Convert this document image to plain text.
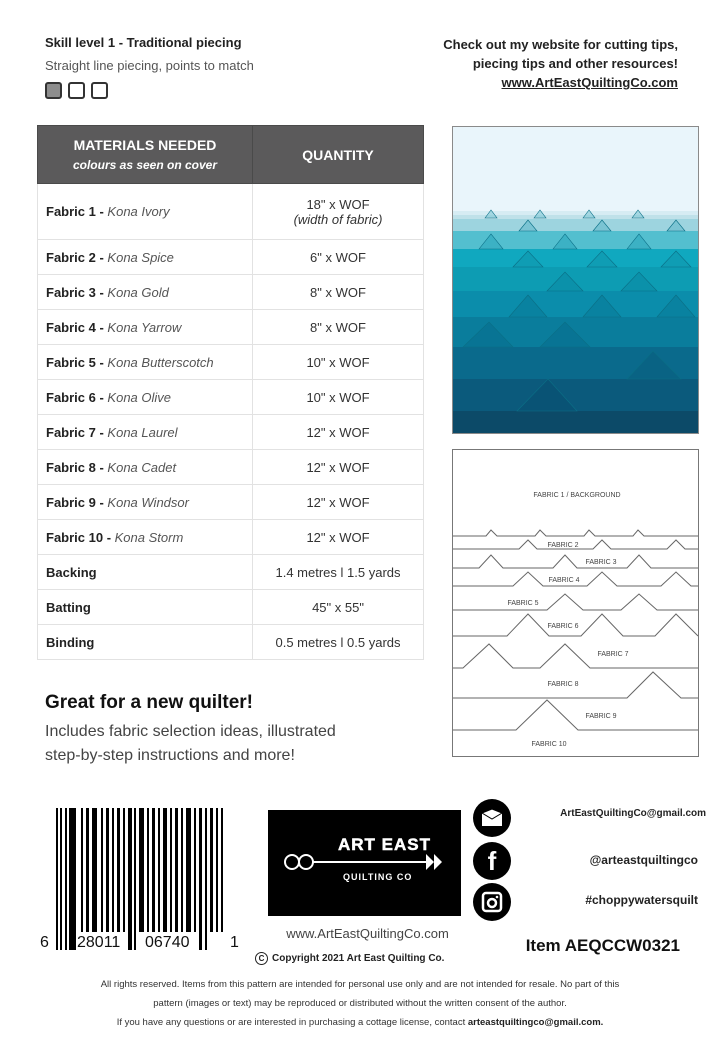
Skill level 1 - Traditional piecing
Straight line piecing, points to match
Check out my website for cutting tips,
piecing tips and other resources!
www.ArtEastQuiltingCo.com
MATERIALS NEEDED
colours as seen on cover	QUANTITY
Fabric 1 - Kona Ivory	18" x WOF
(width of fabric)

Fabric 2 - Kona Spice	6" x WOF
Fabric 3 - Kona Gold	8" x WOF
Fabric 4 - Kona Yarrow	8" x WOF
Fabric 5 - Kona Butterscotch	10" x WOF
Fabric 6 - Kona Olive	10" x WOF
Fabric 7 - Kona Laurel	12" x WOF
Fabric 8 - Kona Cadet	12" x WOF
Fabric 9 - Kona Windsor	12" x WOF
Fabric 10 - Kona Storm	12" x WOF
Backing	1.4 metres l 1.5 yards
Batting	45" x 55"
Binding	0.5 metres l 0.5 yards
FABRIC 1 / BACKGROUND
FABRIC 2
FABRIC 3
FABRIC 4
FABRIC 5
FABRIC 6
FABRIC 7
FABRIC 8
FABRIC 9
FABRIC 10
Great for a new quilter!
Includes fabric selection ideas, illustrated
step-by-step instructions and more!
6 28011 06740	1
ART EAST
QUILTING CO
www.ArtEastQuiltingCo.com
C Copyright 2021 Art East Quilting Co.
f
ArtEastQuiltingCo@gmail.com
@arteastquiltingco
#choppywatersquilt
Item AEQCCW0321
All rights reserved. Items from this pattern are intended for personal use only and are not intended for resale. No part of this
pattern (images or text) may be reproduced or distributed without the written consent of the author.
If you have any questions or are interested in purchasing a cottage license, contact arteastquiltingco@gmail.com.
